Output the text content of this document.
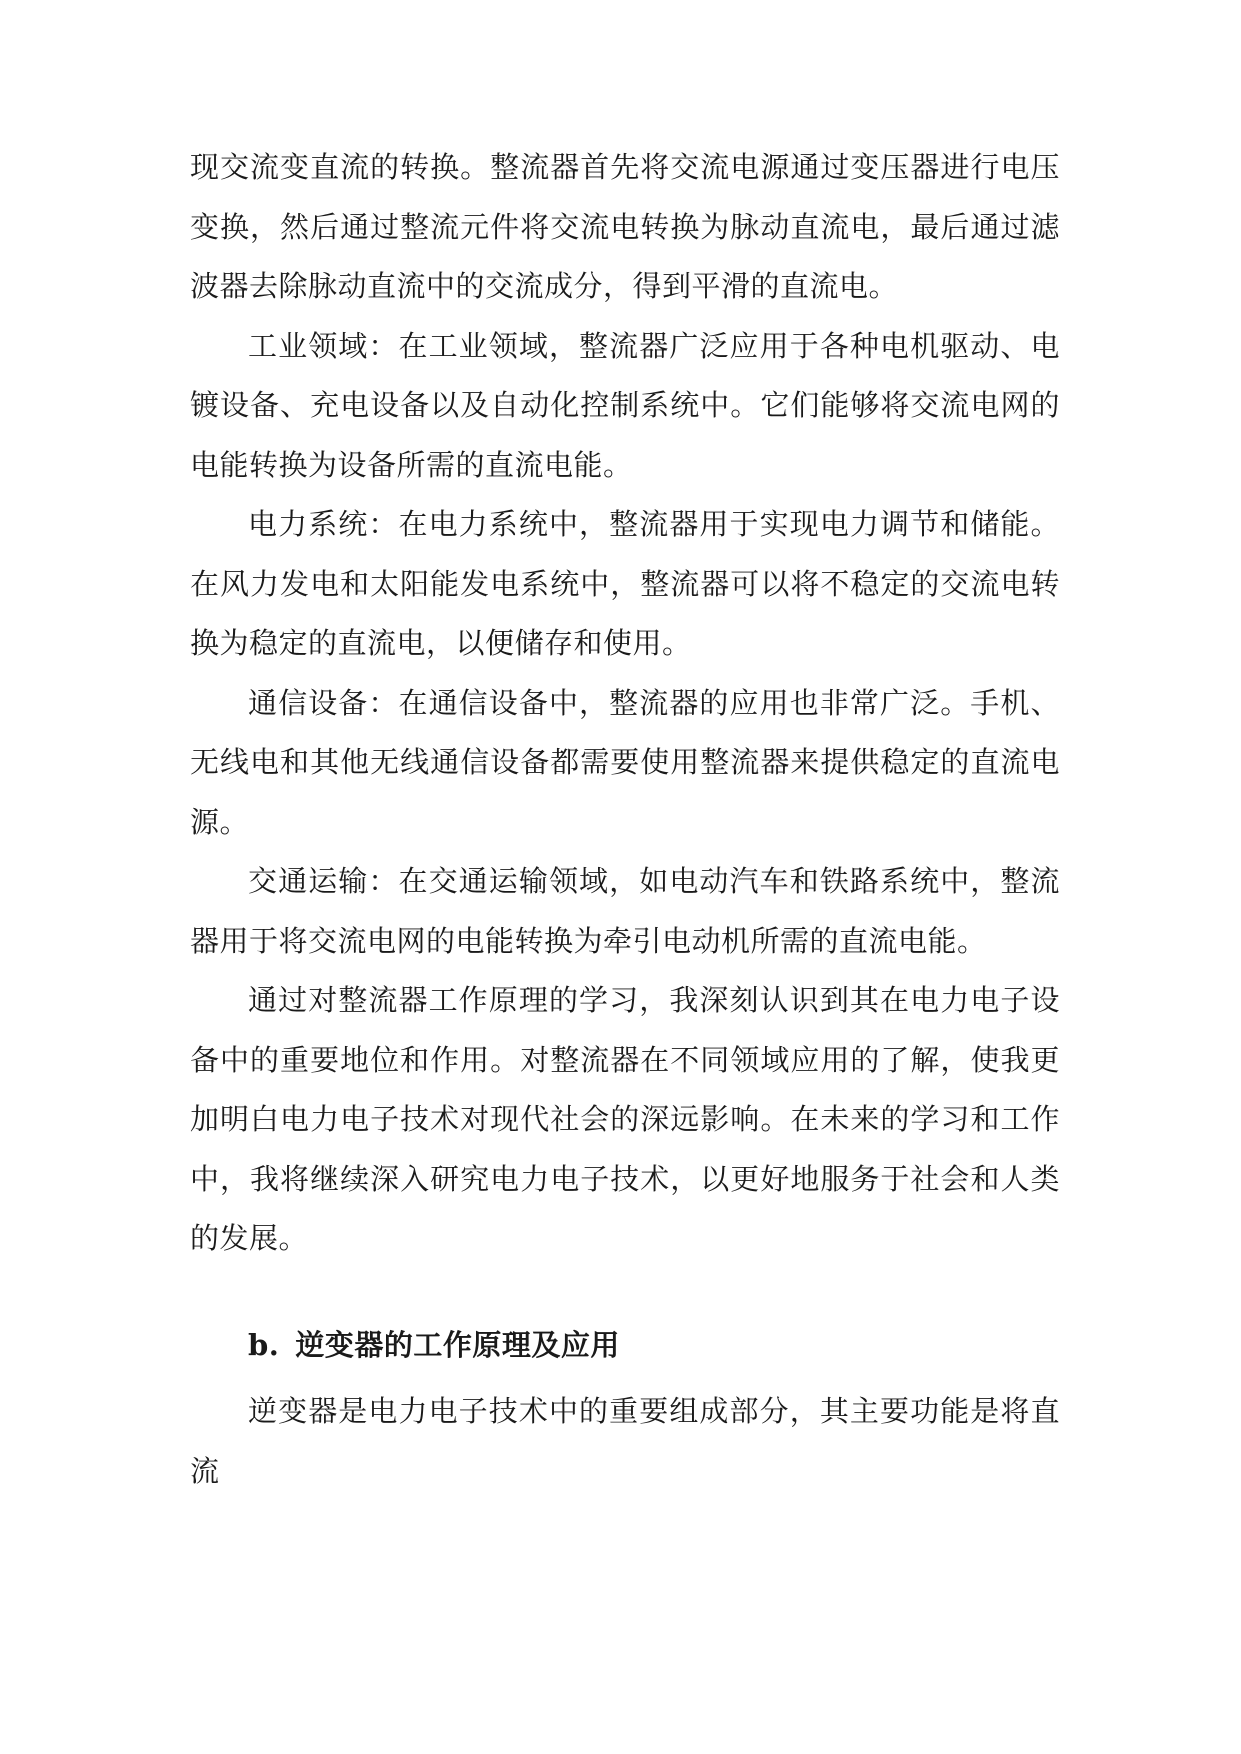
现交流变直流的转换。整流器首先将交流电源通过变压器进行电压变换，然后通过整流元件将交流电转换为脉动直流电，最后通过滤波器去除脉动直流中的交流成分，得到平滑的直流电。

工业领域：在工业领域，整流器广泛应用于各种电机驱动、电镀设备、充电设备以及自动化控制系统中。它们能够将交流电网的电能转换为设备所需的直流电能。

电力系统：在电力系统中，整流器用于实现电力调节和储能。在风力发电和太阳能发电系统中，整流器可以将不稳定的交流电转换为稳定的直流电，以便储存和使用。

通信设备：在通信设备中，整流器的应用也非常广泛。手机、无线电和其他无线通信设备都需要使用整流器来提供稳定的直流电源。

交通运输：在交通运输领域，如电动汽车和铁路系统中，整流器用于将交流电网的电能转换为牵引电动机所需的直流电能。

通过对整流器工作原理的学习，我深刻认识到其在电力电子设备中的重要地位和作用。对整流器在不同领域应用的了解，使我更加明白电力电子技术对现代社会的深远影响。在未来的学习和工作中，我将继续深入研究电力电子技术，以更好地服务于社会和人类的发展。

b. 逆变器的工作原理及应用

逆变器是电力电子技术中的重要组成部分，其主要功能是将直流
